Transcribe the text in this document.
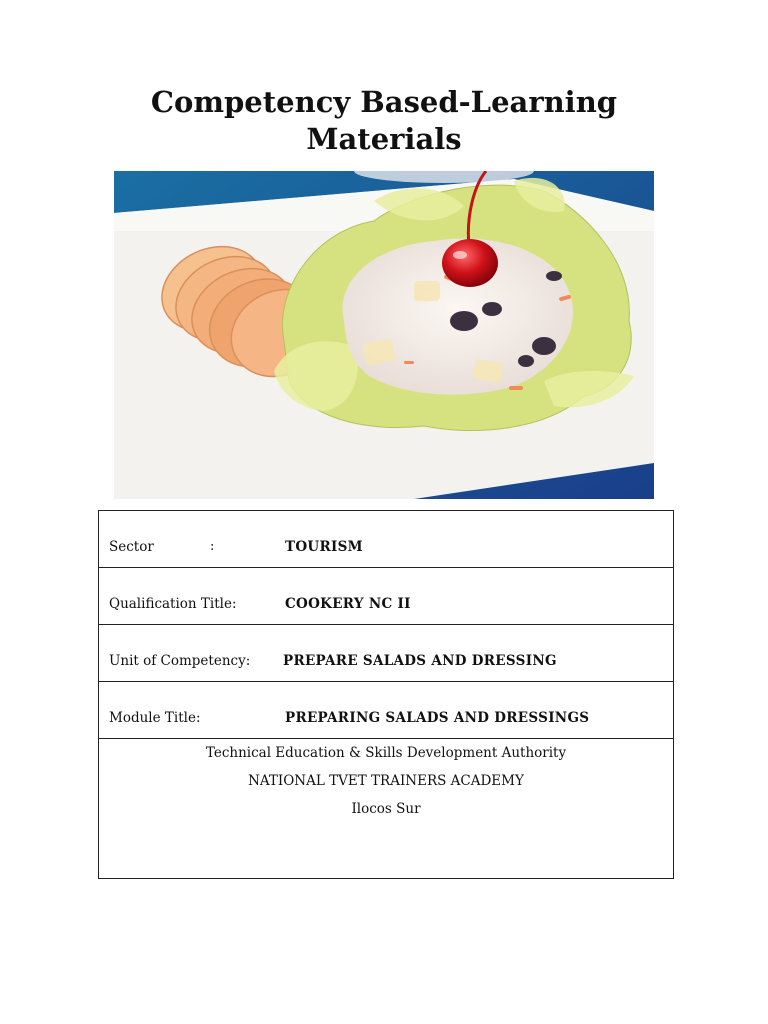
Competency Based-Learning
Materials
Sector	:	TOURISM
Qualification Title:	COOKERY NC II
Unit of Competency: PREPARE SALADS AND DRESSING
Module Title:	PREPARING SALADS AND DRESSINGS
Technical Education & Skills Development Authority
NATIONAL TVET TRAINERS ACADEMY
Ilocos Sur
